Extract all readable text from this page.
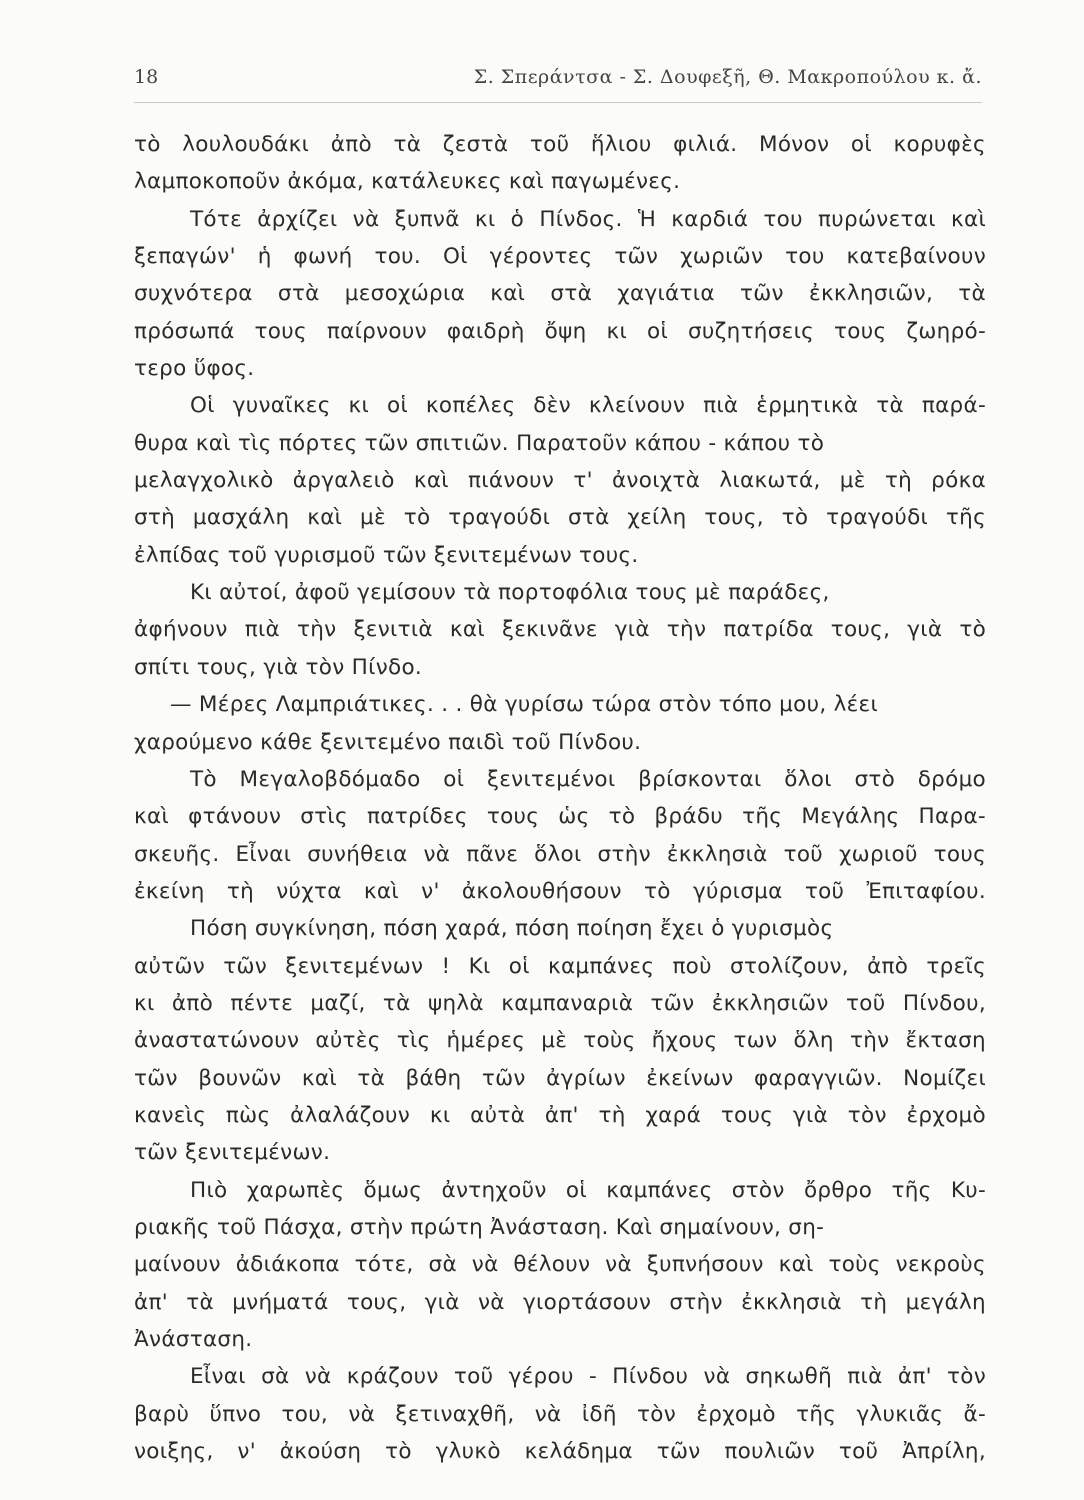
18	Σ. Σπεράντσα - Σ. Δουφεξῆ, Θ. Μακροπούλου κ. ἄ.
τὸ λουλουδάκι ἀπὸ τὰ ζεστὰ τοῦ ἥλιου φιλιά. Μόνον οἱ κορυφὲς
λαμποκοποῦν ἀκόμα, κατάλευκες καὶ παγωμένες.
Τότε ἀρχίζει νὰ ξυπνᾶ κι ὁ Πίνδος. Ἡ καρδιά του πυρώνεται καὶ
ξεπαγών' ἡ φωνή του. Οἱ γέροντες τῶν χωριῶν του κατεβαίνουν
συχνότερα στὰ μεσοχώρια καὶ στὰ χαγιάτια τῶν ἐκκλησιῶν, τὰ
πρόσωπά τους παίρνουν φαιδρὴ ὄψη κι οἱ συζητήσεις τους ζωηρό-
τερο ὕφος.
Οἱ γυναῖκες κι οἱ κοπέλες δὲν κλείνουν πιὰ ἑρμητικὰ τὰ παρά-
θυρα καὶ τὶς πόρτες τῶν σπιτιῶν. Παρατοῦν κάπου - κάπου τὸ
μελαγχολικὸ ἀργαλειὸ καὶ πιάνουν τ' ἀνοιχτὰ λιακωτά, μὲ τὴ ρόκα
στὴ μασχάλη καὶ μὲ τὸ τραγούδι στὰ χείλη τους, τὸ τραγούδι τῆς
ἐλπίδας τοῦ γυρισμοῦ τῶν ξενιτεμένων τους.
Κι αὐτοί, ἀφοῦ γεμίσουν τὰ πορτοφόλια τους μὲ παράδες,
ἀφήνουν πιὰ τὴν ξενιτιὰ καὶ ξεκινᾶνε γιὰ τὴν πατρίδα τους, γιὰ τὸ
σπίτι τους, γιὰ τὸν Πίνδο.
— Μέρες Λαμπριάτικες. . . θὰ γυρίσω τώρα στὸν τόπο μου, λέει
χαρούμενο κάθε ξενιτεμένο παιδὶ τοῦ Πίνδου.
Τὸ Μεγαλοβδόμαδο οἱ ξενιτεμένοι βρίσκονται ὅλοι στὸ δρόμο
καὶ φτάνουν στὶς πατρίδες τους ὡς τὸ βράδυ τῆς Μεγάλης Παρα-
σκευῆς. Εἶναι συνήθεια νὰ πᾶνε ὅλοι στὴν ἐκκλησιὰ τοῦ χωριοῦ τους
ἐκείνη τὴ νύχτα καὶ ν' ἀκολουθήσουν τὸ γύρισμα τοῦ Ἐπιταφίου.
Πόση συγκίνηση, πόση χαρά, πόση ποίηση ἔχει ὁ γυρισμὸς
αὐτῶν τῶν ξενιτεμένων ! Κι οἱ καμπάνες ποὺ στολίζουν, ἀπὸ τρεῖς
κι ἀπὸ πέντε μαζί, τὰ ψηλὰ καμπαναριὰ τῶν ἐκκλησιῶν τοῦ Πίνδου,
ἀναστατώνουν αὐτὲς τὶς ἡμέρες μὲ τοὺς ἤχους των ὅλη τὴν ἔκταση
τῶν βουνῶν καὶ τὰ βάθη τῶν ἀγρίων ἐκείνων φαραγγιῶν. Νομίζει
κανεὶς πὼς ἀλαλάζουν κι αὐτὰ ἀπ' τὴ χαρά τους γιὰ τὸν ἐρχομὸ
τῶν ξενιτεμένων.
Πιὸ χαρωπὲς ὅμως ἀντηχοῦν οἱ καμπάνες στὸν ὄρθρο τῆς Κυ-
ριακῆς τοῦ Πάσχα, στὴν πρώτη Ἀνάσταση. Καὶ σημαίνουν, ση-
μαίνουν ἀδιάκοπα τότε, σὰ νὰ θέλουν νὰ ξυπνήσουν καὶ τοὺς νεκροὺς
ἀπ' τὰ μνήματά τους, γιὰ νὰ γιορτάσουν στὴν ἐκκλησιὰ τὴ μεγάλη
Ἀνάσταση.
Εἶναι σὰ νὰ κράζουν τοῦ γέρου - Πίνδου νὰ σηκωθῆ πιὰ ἀπ' τὸν
βαρὺ ὕπνο του, νὰ ξετιναχθῆ, νὰ ἰδῆ τὸν ἐρχομὸ τῆς γλυκιᾶς ἄ-
νοιξης, ν' ἀκούση τὸ γλυκὸ κελάδημα τῶν πουλιῶν τοῦ Ἀπρίλη,
